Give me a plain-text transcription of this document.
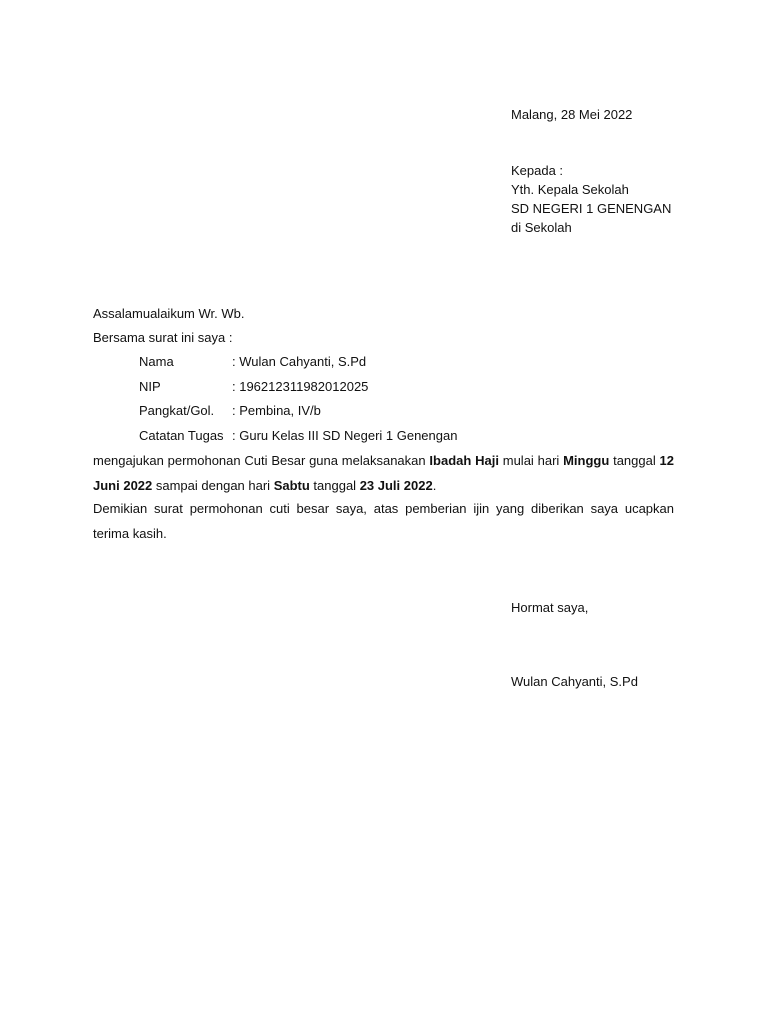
Malang, 28 Mei 2022
Kepada :
Yth. Kepala Sekolah
SD NEGERI 1 GENENGAN
di Sekolah
Assalamualaikum Wr. Wb.
Bersama surat ini saya :
Nama	: Wulan Cahyanti, S.Pd
NIP	: 196212311982012025
Pangkat/Gol. : Pembina, IV/b
Catatan Tugas : Guru Kelas III SD Negeri 1 Genengan
mengajukan permohonan Cuti Besar guna melaksanakan Ibadah Haji mulai hari Minggu tanggal 12 Juni 2022 sampai dengan hari Sabtu tanggal 23 Juli 2022.
Demikian surat permohonan cuti besar saya, atas pemberian ijin yang diberikan saya ucapkan terima kasih.
Hormat saya,
Wulan Cahyanti, S.Pd
